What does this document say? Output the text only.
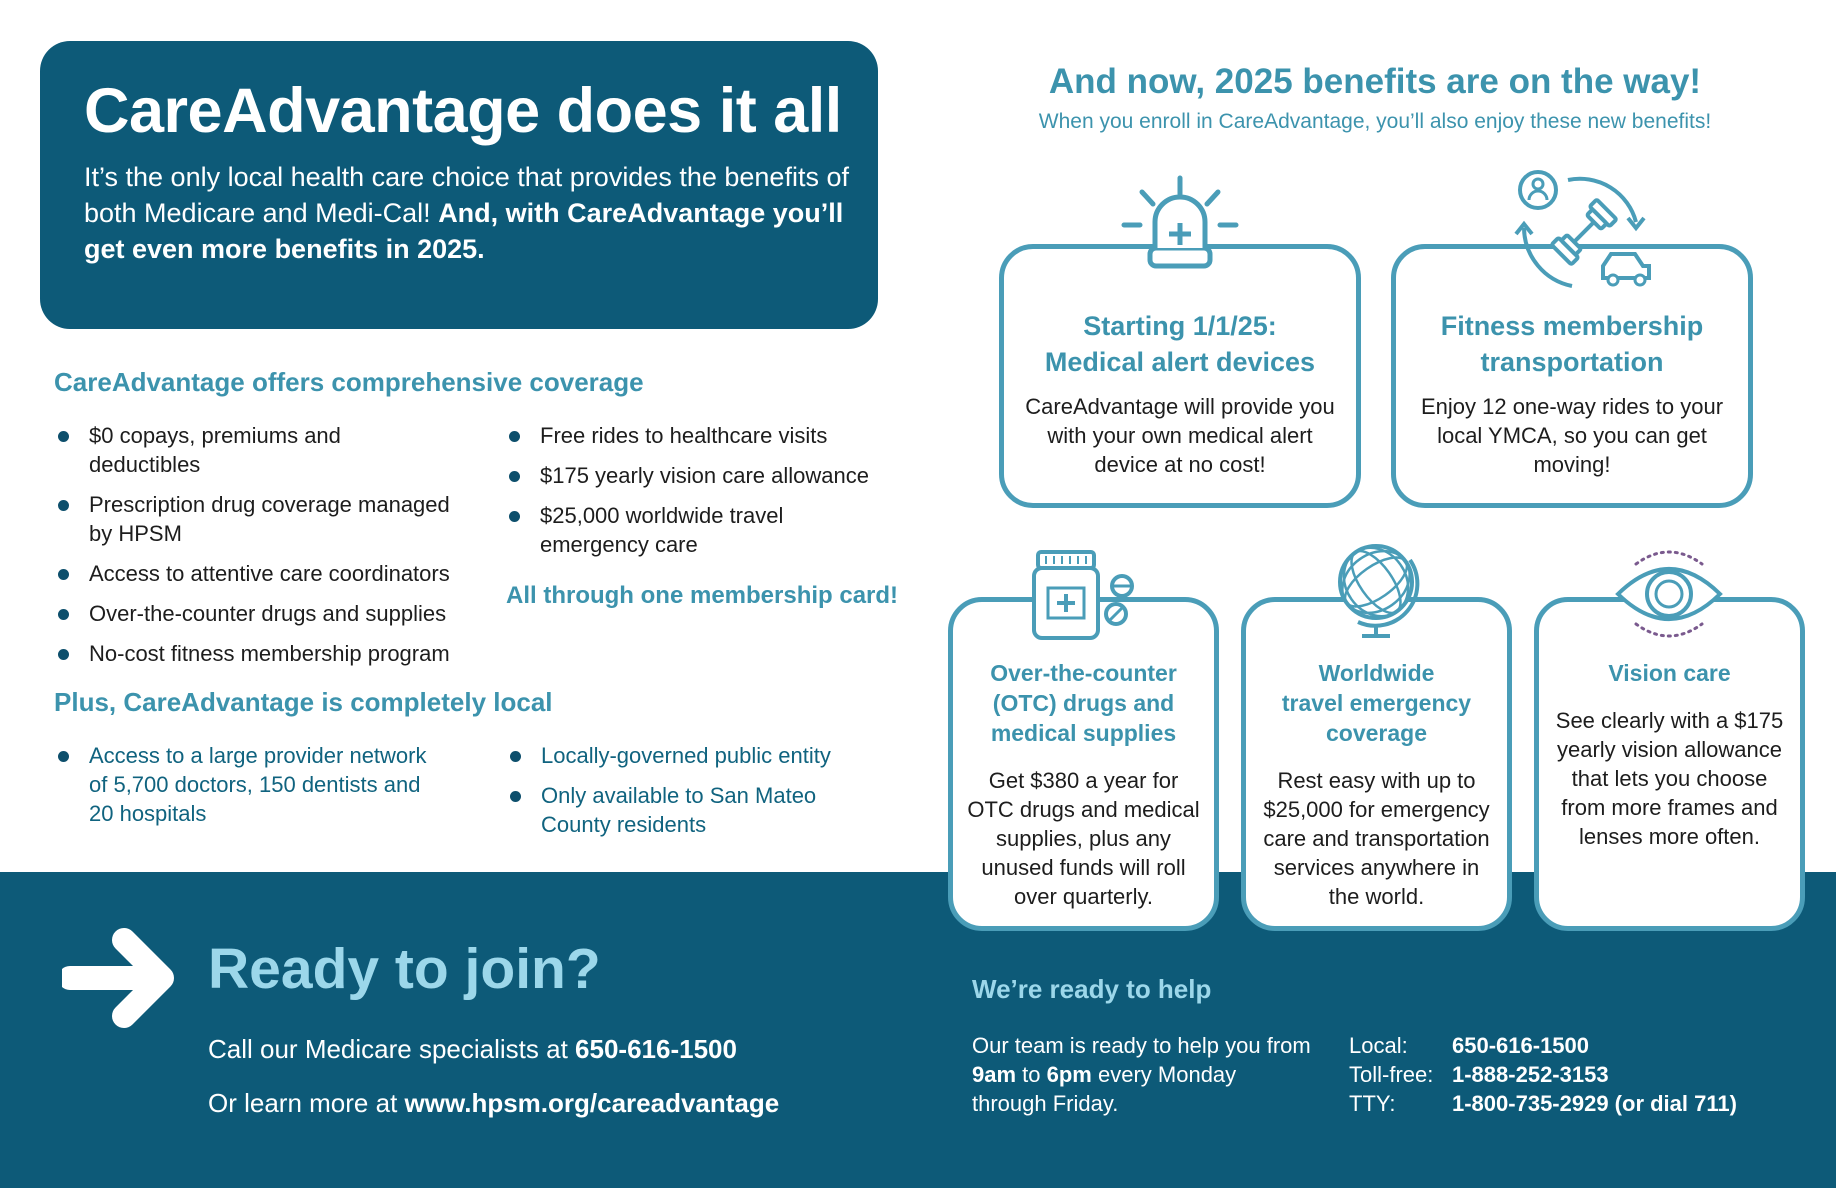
CareAdvantage does it all

It’s the only local health care choice that provides the benefits of both Medicare and Medi-Cal! And, with CareAdvantage you’ll get even more benefits in 2025.

CareAdvantage offers comprehensive coverage
$0 copays, premiums and deductibles
Prescription drug coverage managed by HPSM
Access to attentive care coordinators
Over-the-counter drugs and supplies
No-cost fitness membership program
Free rides to healthcare visits
$175 yearly vision care allowance
$25,000 worldwide travel emergency care
All through one membership card!
Plus, CareAdvantage is completely local
Access to a large provider network of 5,700 doctors, 150 dentists and 20 hospitals
Locally-governed public entity
Only available to San Mateo County residents
And now, 2025 benefits are on the way!
When you enroll in CareAdvantage, you’ll also enjoy these new benefits!
Starting 1/1/25:
Medical alert devices
CareAdvantage will provide you with your own medical alert device at no cost!
Fitness membership
transportation
Enjoy 12 one-way rides to your local YMCA, so you can get moving!
Over-the-counter
(OTC) drugs and
medical supplies
Get $380 a year for OTC drugs and medical supplies, plus any unused funds will roll over quarterly.
Worldwide
travel emergency
coverage
Rest easy with up to $25,000 for emergency care and transportation services anywhere in the world.
Vision care
See clearly with a $175 yearly vision allowance that lets you choose from more frames and lenses more often.
Ready to join?
Call our Medicare specialists at 650-616-1500
Or learn more at www.hpsm.org/careadvantage
We’re ready to help
Our team is ready to help you from 9am to 6pm every Monday through Friday.
Local:	650-616-1500
Toll-free: 1-888-252-3153
TTY:	1-800-735-2929 (or dial 711)
